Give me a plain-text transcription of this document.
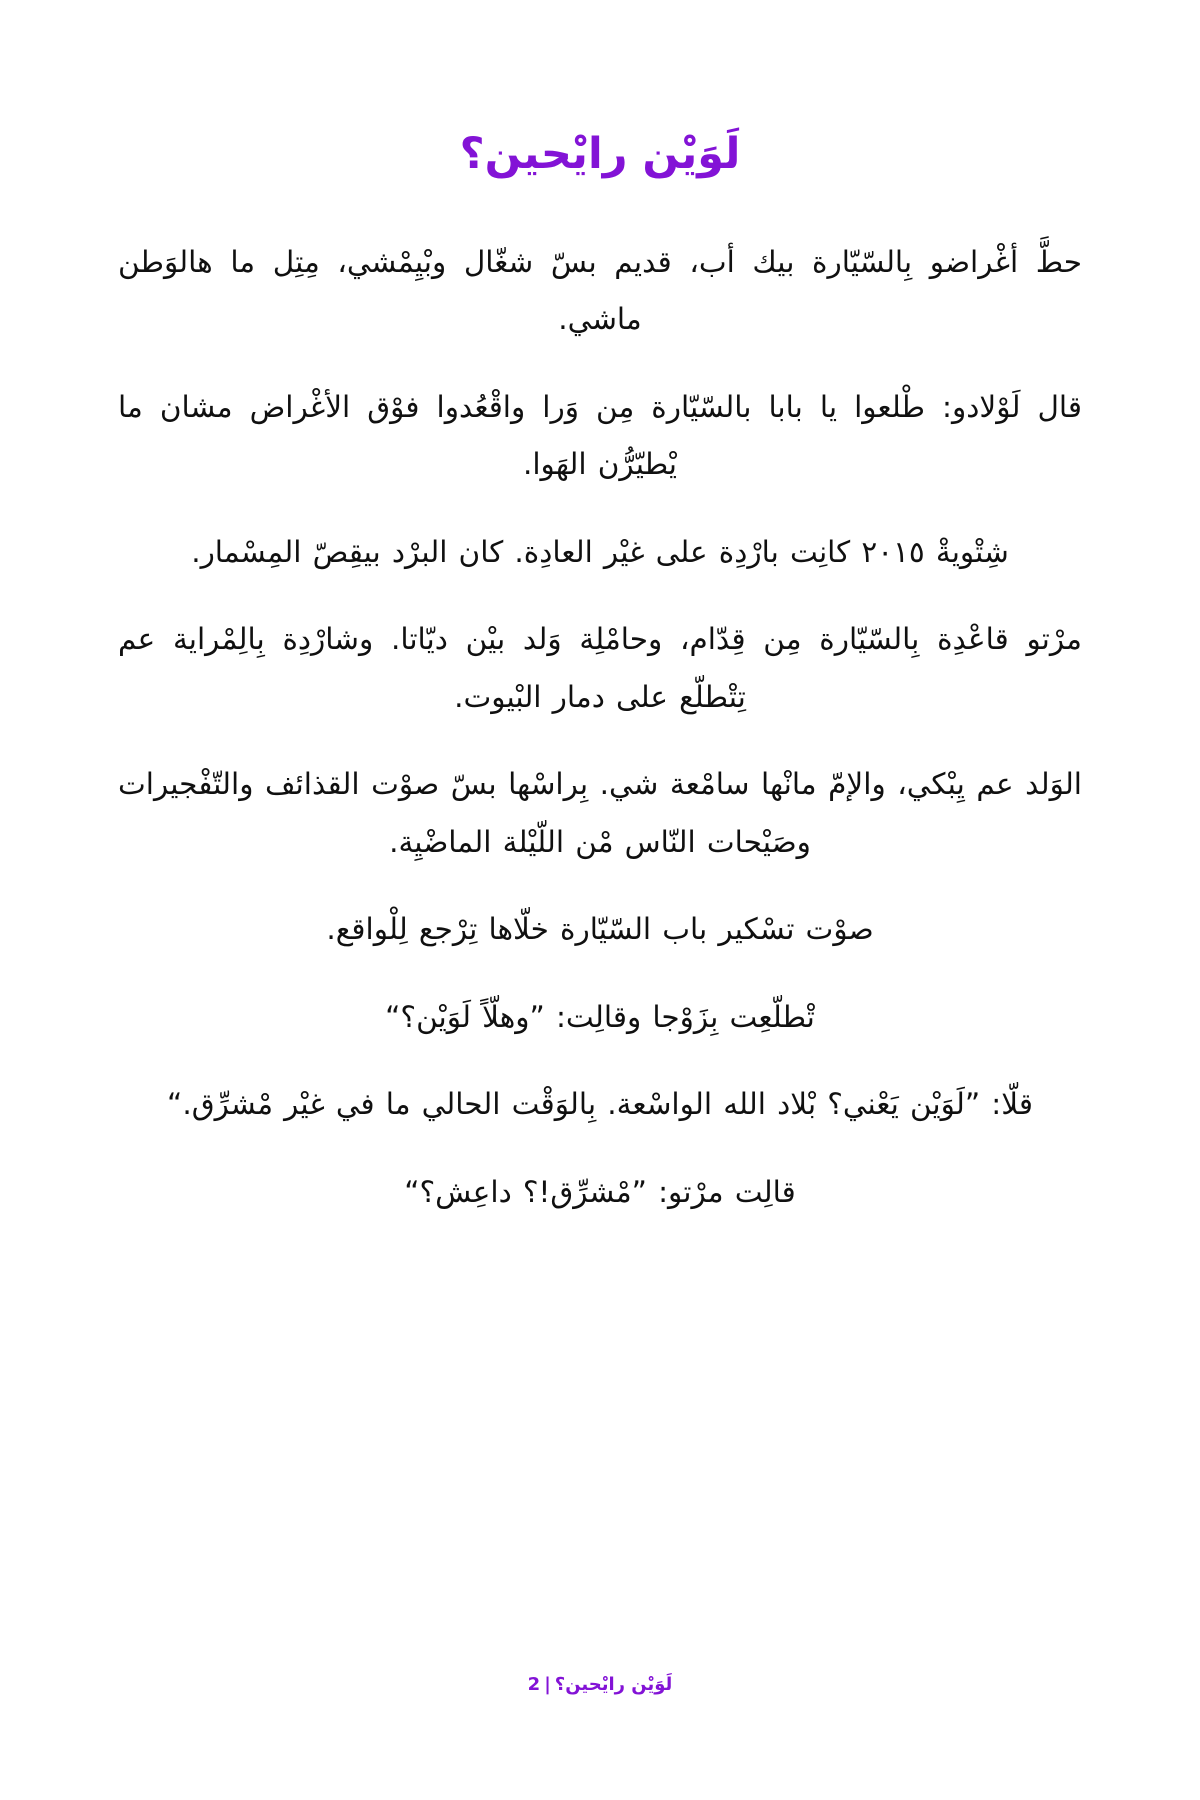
لَوَيْن رايْحين؟

حط أغراضو بالسيارة بيك أب، قديم بس شغال وبيمشي، متل ما هالوطن ماشي.

قال لولادو: طلعوا يا بابا بالسيارة من ورا واقعدوا فوق الأغراض مشان ما يطيرن الهوا.

شتوية ٢٠١٥ كانت باردة على غير العادة. كان البرد بيقص المسمار.

مرتو قاعدة بالسيارة من قدام، وحاملة ولد بين دياتا. وشاردة بالمراية عم تتطلع على دمار البيوت.

الولد عم يبكي، والإم مانها سامعة شي. براسها بس صوت القذائف والتفجيرات وصيحات الناس من الليلة الماضية.

صوت تسكير باب السيارة خلاها ترجع للواقع.

تطلعت بزوجا وقالت: ”وهل لوين؟“

قلا: ”لوين يعني؟ بلاد الله الواسعة. بالوقت الحالي ما في غير مشرق.“

قالت مرتو: ”مشرق!؟ داعش؟“

لَوَيْن رايْحين؟|2
